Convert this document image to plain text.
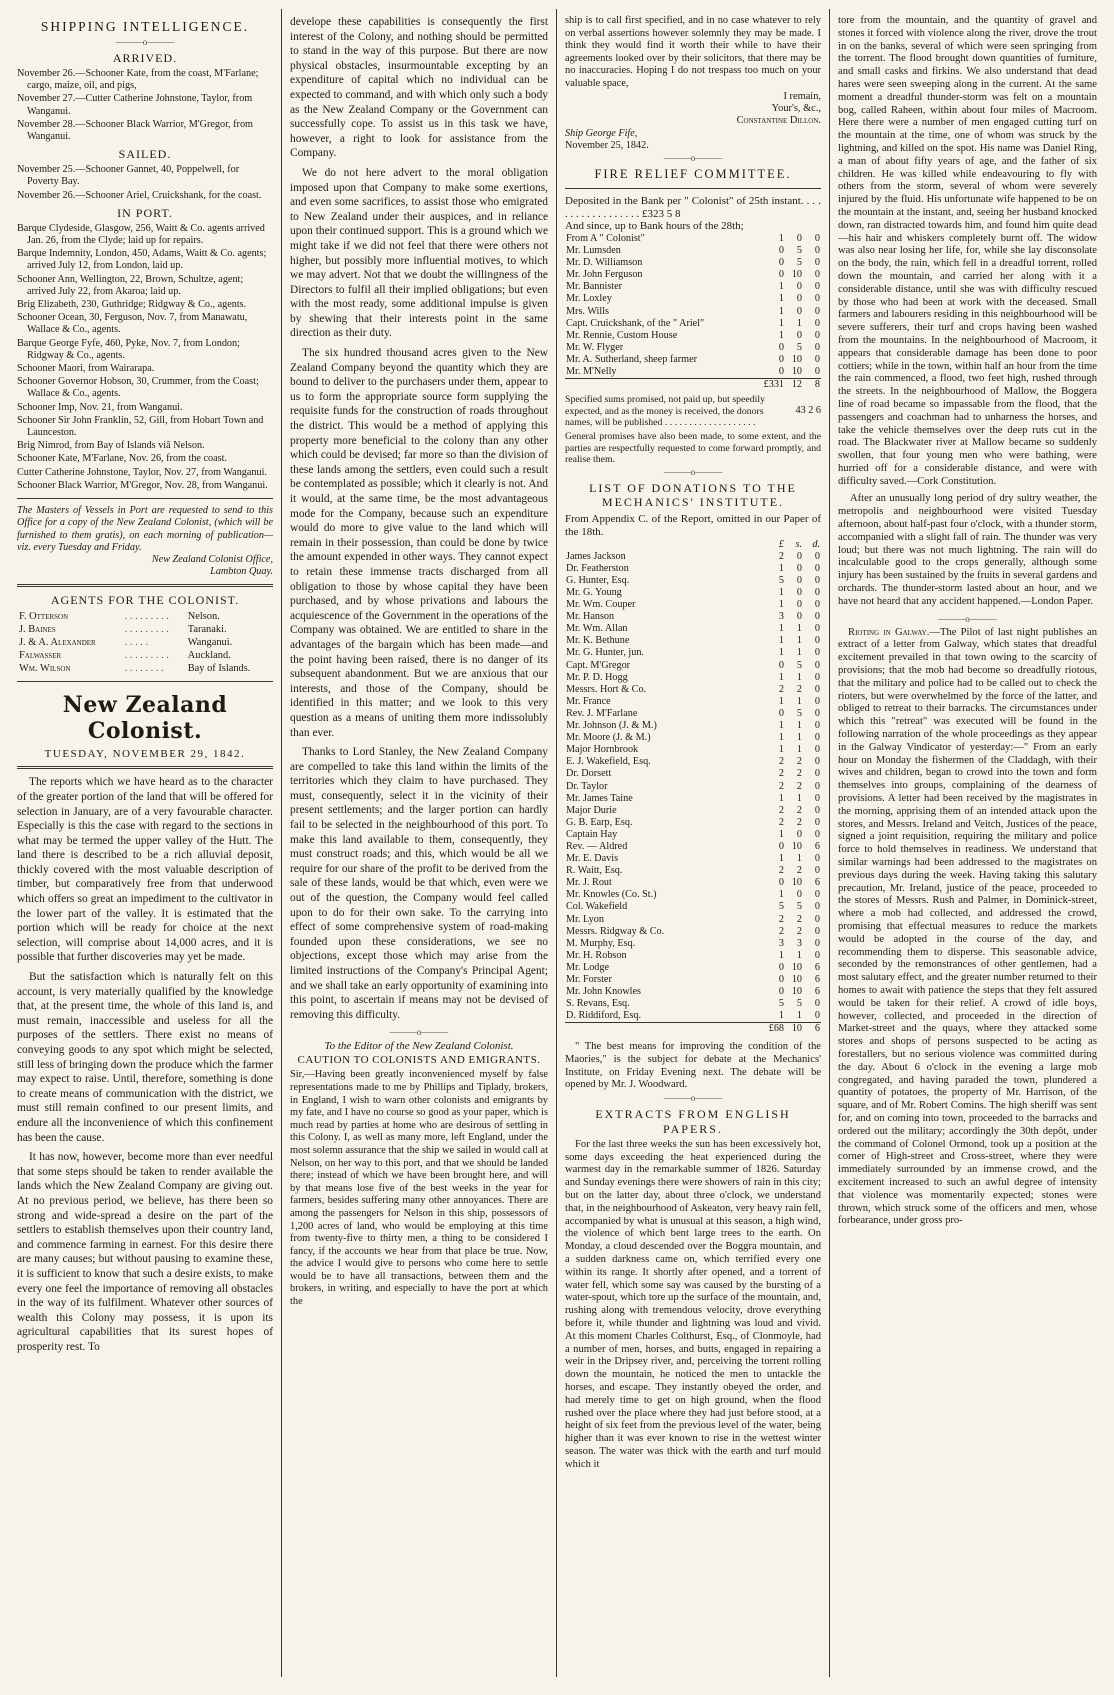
SHIPPING INTELLIGENCE.
———o———
ARRIVED.
November 26.—Schooner Kate, from the coast, M'Farlane; cargo, maize, oil, and pigs,
November 27.—Cutter Catherine Johnstone, Taylor, from Wanganui.
November 28.—Schooner Black Warrior, M'Gregor, from Wanganui.
SAILED.
November 25.—Schooner Gannet, 40, Poppelwell, for Poverty Bay.
November 26.—Schooner Ariel, Cruickshank, for the coast.
IN PORT.
Barque Clydeside, Glasgow, 256, Waitt & Co. agents arrived Jan. 26, from the Clyde; laid up for repairs.
Barque Indemnity, London, 450, Adams, Waitt & Co. agents; arrived July 12, from London, laid up.
Schooner Ann, Wellington, 22, Brown, Schultze, agent; arrived July 22, from Akaroa; laid up.
Brig Elizabeth, 230, Guthridge; Ridgway & Co., agents.
Schooner Ocean, 30, Ferguson, Nov. 7, from Manawatu, Wallace & Co., agents.
Barque George Fyfe, 460, Pyke, Nov. 7, from London; Ridgway & Co., agents.
Schooner Maori, from Wairarapa.
Schooner Governor Hobson, 30, Crummer, from the Coast; Wallace & Co., agents.
Schooner Imp, Nov. 21, from Wanganui.
Schooner Sir John Franklin, 52, Gill, from Hobart Town and Launceston.
Brig Nimrod, from Bay of Islands viâ Nelson.
Schooner Kate, M'Farlane, Nov. 26, from the coast.
Cutter Catherine Johnstone, Taylor, Nov. 27, from Wanganui.
Schooner Black Warrior, M'Gregor, Nov. 28, from Wanganui.
The Masters of Vessels in Port are requested to send to this Office for a copy of the New Zealand Colonist, (which will be furnished to them gratis), on each morning of publication—viz. every Tuesday and Friday.
New Zealand Colonist Office,
Lambton Quay.
AGENTS FOR THE COLONIST.
F. Otterson	. . . . . . . . .	Nelson.
J. Baines	. . . . . . . . .	Taranaki.
J. & A. Alexander	. . . . .	Wanganui.
Falwasser	. . . . . . . . .	Auckland.
Wm. Wilson	. . . . . . . .	Bay of Islands.
New Zealand Colonist.
TUESDAY, NOVEMBER 29, 1842.

The reports which we have heard as to the character of the greater portion of the land that will be offered for selection in January, are of a very favourable character. Especially is this the case with regard to the sections in what may be termed the upper valley of the Hutt. The land there is described to be a rich alluvial deposit, thickly covered with the most valuable description of timber, but comparatively free from that underwood which offers so great an impediment to the cultivator in the lower part of the valley. It is estimated that the portion which will be ready for choice at the next selection, will comprise about 14,000 acres, and it is possible that further discoveries may yet be made.

But the satisfaction which is naturally felt on this account, is very materially qualified by the knowledge that, at the present time, the whole of this land is, and must remain, inaccessible and useless for all the purposes of the settlers. There exist no means of conveying goods to any spot which might be selected, still less of bringing down the produce which the farmer may expect to raise. Until, therefore, something is done to create means of communication with the district, we must still remain confined to our present limits, and endure all the inconvenience of which this confinement has been the cause.

It has now, however, become more than ever needful that some steps should be taken to render available the lands which the New Zealand Company are giving out. At no previous period, we believe, has there been so strong and wide-spread a desire on the part of the settlers to establish themselves upon their country land, and commence farming in earnest. For this desire there are many causes; but without pausing to examine these, it is sufficient to know that such a desire exists, to make every one feel the importance of removing all obstacles in the way of its fulfilment. Whatever other sources of wealth this Colony may possess, it is upon its agricultural capabilities that its surest hopes of prosperity rest. To

develope these capabilities is consequently the first interest of the Colony, and nothing should be permitted to stand in the way of this purpose. But there are now physical obstacles, insurmountable excepting by an expenditure of capital which no individual can be expected to command, and with which only such a body as the New Zealand Company or the Government can successfully cope. To assist us in this task we have, however, a right to look for assistance from the Company.

We do not here advert to the moral obligation imposed upon that Company to make some exertions, and even some sacrifices, to assist those who emigrated to New Zealand under their auspices, and in reliance upon their continued support. This is a ground which we might take if we did not feel that there were others not higher, but possibly more influential motives, to which we may advert. Not that we doubt the willingness of the Directors to fulfil all their implied obligations; but even with the most ready, some additional impulse is given by shewing that their interests point in the same direction as their duty.

The six hundred thousand acres given to the New Zealand Company beyond the quantity which they are bound to deliver to the purchasers under them, appear to us to form the appropriate source form supplying the requisite funds for the construction of roads throughout the district. This would be a method of applying this property more beneficial to the colony than any other which could be devised; far more so than the division of these lands among the settlers, even could such a result be contemplated as possible; which it clearly is not. And it would, at the same time, be the most advantageous mode for the Company, because such an expenditure would do more to give value to the land which will remain in their possession, than could be done by twice the amount expended in other ways. They cannot expect to retain these immense tracts discharged from all obligation to those by whose capital they have been purchased, and by whose privations and labours the acquiescence of the Government in the operations of the Company was obtained. We are entitled to share in the advantages of the bargain which has been made—and the point having been raised, there is no danger of its subsequent abandonment. But we are anxious that our interests, and those of the Company, should be identified in this matter; and we look to this very question as a means of uniting them more indissolubly than ever.

Thanks to Lord Stanley, the New Zealand Company are compelled to take this land within the limits of the territories which they claim to have purchased. They must, consequently, select it in the vicinity of their present settlements; and the larger portion can hardly fail to be selected in the neighbourhood of this port. To make this land available to them, consequently, they must construct roads; and this, which would be all we require for our share of the profit to be derived from the sale of these lands, would be that which, even were we out of the question, the Company would feel called upon to do for their own sake. To the carrying into effect of some comprehensive system of road-making founded upon these considerations, we see no objections, except those which may arise from the limited instructions of the Company's Principal Agent; and we shall take an early opportunity of examining into this point, to ascertain if means may not be devised of removing this difficulty.

———o———
To the Editor of the New Zealand Colonist.
CAUTION TO COLONISTS AND EMIGRANTS.
Sir,—Having been greatly inconvenienced myself by false representations made to me by Phillips and Tiplady, brokers, in England, I wish to warn other colonists and emigrants by my fate, and I have no course so good as your paper, which is much read by parties at home who are desirous of settling in this Colony. I, as well as many more, left England, under the most solemn assurance that the ship we sailed in would call at Nelson, on her way to this port, and that we should be landed there; instead of which we have been brought here, and will by that means lose five of the best weeks in the year for farmers, besides suffering many other annoyances. There are among the passengers for Nelson in this ship, possessors of 1,200 acres of land, who would be employing at this time from twenty-five to thirty men, a thing to be considered I fancy, if the accounts we hear from that place be true. Now, the advice I would give to persons who come here to settle would be to have all transactions, between them and the brokers, in writing, and especially to have the port at which the
ship is to call first specified, and in no case whatever to rely on verbal assertions however solemnly they may be made. I think they would find it worth their while to have their agreements looked over by their solicitors, that there may be no inaccuracies. Hoping I do not trespass too much on your valuable space,
I remain,
Your's, &c.,
Constantine Dillon.
Ship George Fife,
November 25, 1842.
———o———
FIRE RELIEF COMMITTEE.
Deposited in the Bank per " Colonist" of 25th instant. . . . . . . . . . . . . . . . . . £323 5 8
And since, up to Bank hours of the 28th;
From A " Colonist"	1	0	0
Mr. Lumsden	0	5	0
Mr. D. Williamson	0	5	0
Mr. John Ferguson	0	10	0
Mr. Bannister	1	0	0
Mr. Loxley	1	0	0
Mrs. Wills	1	0	0
Capt. Cruickshank, of the " Ariel"	1	1	0
Mr. Rennie, Custom House	1	0	0
Mr. W. Flyger	0	5	0
Mr. A. Sutherland, sheep farmer	0	10	0
Mr. M'Nelly	0	10	0
	£331	12	8
Specified sums promised, not paid up, but speedily expected, and as the money is received, the donors names, will be published . . . . . . . . . . . . . . . . . . .
43 2 6
General promises have also been made, to some extent, and the parties are respectfully requested to come forward promptly, and realise them.
———o———
LIST OF DONATIONS TO THE MECHANICS' INSTITUTE.
From Appendix C. of the Report, omitted in our Paper of the 18th.
	£	s.	d.
James Jackson	2	0	0
Dr. Featherston	1	0	0
G. Hunter, Esq.	5	0	0
Mr. G. Young	1	0	0
Mr. Wm. Couper	1	0	0
Mr. Hanson	3	0	0
Mr. Wm. Allan	1	1	0
Mr. K. Bethune	1	1	0
Mr. G. Hunter, jun.	1	1	0
Capt. M'Gregor	0	5	0
Mr. P. D. Hogg	1	1	0
Messrs. Hort & Co.	2	2	0
Mr. France	1	1	0
Rev. J. M'Farlane	0	5	0
Mr. Johnson (J. & M.)	1	1	0
Mr. Moore (J. & M.)	1	1	0
Major Hornbrook	1	1	0
E. J. Wakefield, Esq.	2	2	0
Dr. Dorsett	2	2	0
Dr. Taylor	2	2	0
Mr. James Taine	1	1	0
Major Durie	2	2	0
G. B. Earp, Esq.	2	2	0
Captain Hay	1	0	0
Rev. — Aldred	0	10	6
Mr. E. Davis	1	1	0
R. Waitt, Esq.	2	2	0
Mr. J. Rout	0	10	6
Mr. Knowles (Co. St.)	1	0	0
Col. Wakefield	5	5	0
Mr. Lyon	2	2	0
Messrs. Ridgway & Co.	2	2	0
M. Murphy, Esq.	3	3	0
Mr. H. Robson	1	1	0
Mr. Lodge	0	10	6
Mr. Forster	0	10	6
Mr. John Knowles	0	10	6
S. Revans, Esq.	5	5	0
D. Riddiford, Esq.	1	1	0
	£68	10	6
" The best means for improving the condition of the Maories," is the subject for debate at the Mechanics' Institute, on Friday Evening next. The debate will be opened by Mr. J. Woodward.
———o———
EXTRACTS FROM ENGLISH PAPERS.
For the last three weeks the sun has been excessively hot, some days exceeding the heat experienced during the warmest day in the remarkable summer of 1826. Saturday and Sunday evenings there were showers of rain in this city; but on the latter day, about three o'clock, we understand that, in the neighbourhood of Askeaton, very heavy rain fell, accompanied by what is unusual at this season, a high wind, the violence of which bent large trees to the earth. On Monday, a cloud descended over the Boggra mountain, and a sudden darkness came on, which terrified every one within its range. It shortly after opened, and a torrent of water fell, which some say was caused by the bursting of a water-spout, which tore up the surface of the mountain, and, rushing along with tremendous velocity, drove everything before it, while thunder and lightning was loud and vivid. At this moment Charles Colthurst, Esq., of Clonmoyle, had a number of men, horses, and butts, engaged in repairing a weir in the Dripsey river, and, perceiving the torrent rolling down the mountain, he noticed the men to untackle the horses, and escape. They instantly obeyed the order, and had merely time to get on high ground, when the flood rushed over the place where they had just before stood, at a height of six feet from the previous level of the water, being higher than it was ever known to rise in the wettest winter season. The water was thick with the earth and turf mould which it

tore from the mountain, and the quantity of gravel and stones it forced with violence along the river, drove the trout in on the banks, several of which were seen springing from the torrent. The flood brought down quantities of furniture, and small casks and firkins. We also understand that dead hares were seen sweeping along in the current. At the same moment a dreadful thunder-storm was felt on a mountain bog, called Raheen, within about four miles of Macroom. Here there were a number of men engaged cutting turf on the mountain at the time, one of whom was struck by the lightning, and killed on the spot. His name was Daniel Ring, a man of about fifty years of age, and the father of six children. He was killed while endeavouring to fly with others from the storm, several of whom were severely injured by the fluid. His unfortunate wife happened to be on the mountain at the instant, and, seeing her husband knocked down, ran distracted towards him, and found him quite dead—his hair and whiskers completely burnt off. The widow was also near losing her life, for, while she lay disconsolate on the body, the rain, which fell in a dreadful torrent, rolled down the mountain, and carried her along with it a considerable distance, until she was with difficulty rescued by those who had been at work with the deceased. Small farmers and labourers residing in this neighbourhood will be severe sufferers, their turf and crops having been washed from the mountains. In the neighbourhood of Macroom, it appears that considerable damage has been done to poor cottiers; while in the town, within half an hour from the time the rain commenced, a flood, two feet high, rushed through the streets. In the neighbourhood of Mallow, the Boggera line of road became so impassable from the flood, that the passengers and coachman had to unharness the horses, and take the vehicle themselves over the deep ruts cut in the road. The Blackwater river at Mallow became so suddenly swollen, that four young men who were bathing, were hurried off for a considerable distance, and were with difficulty saved.—Cork Constitution.

After an unusually long period of dry sultry weather, the metropolis and neighbourhood were visited Tuesday afternoon, about half-past four o'clock, with a thunder storm, accompanied with a slight fall of rain. The thunder was very loud; but there was not much lightning. The rain will do incalculable good to the crops generally, although some injury has been sustained by the fruits in several gardens and orchards. The thunder-storm lasted about an hour, and we have not heard that any accident happened.—London Paper.

———o———
Rioting in Galway.—The Pilot of last night publishes an extract of a letter from Galway, which states that dreadful excitement prevailed in that town owing to the scarcity of provisions; that the mob had become so dreadfully riotous, that the military and police had to be called out to check the rioters, but were overwhelmed by the force of the latter, and obliged to retreat to their barracks. The circumstances under which this "retreat" was executed will be found in the following narration of the whole proceedings as they appear in the Galway Vindicator of yesterday:—" From an early hour on Monday the fishermen of the Claddagh, with their wives and children, began to crowd into the town and form themselves into groups, complaining of the dearness of provisions. A letter had been received by the magistrates in the morning, apprising them of an intended attack upon the stores, and Messrs. Ireland and Veitch, Justices of the peace, signed a joint requisition, requiring the military and police force to hold themselves in readiness. We understand that similar warnings had been addressed to the magistrates on previous days during the week. Having taking this salutary precaution, Mr. Ireland, justice of the peace, proceeded to the stores of Messrs. Rush and Palmer, in Dominick-street, where a mob had collected, and addressed the crowd, promising that effectual measures to reduce the markets would be adopted in the course of the day, and recommending them to disperse. This seasonable advice, seconded by the remonstrances of other gentlemen, had a most salutary effect, and the greater number returned to their homes to await with patience the steps that they felt assured would be taken for their relief. A crowd of idle boys, however, collected, and proceeded in the direction of Market-street and the quays, where they attacked some stores and shops of persons suspected to be acting as forestallers, but no serious violence was committed during the day. About 6 o'clock in the evening a large mob congregated, and having paraded the town, plundered a quantity of potatoes, the property of Mr. Harrison, of the square, and of Mr. Robert Comins. The high sheriff was sent for, and on coming into town, proceeded to the barracks and ordered out the military; accordingly the 30th depôt, under the command of Colonel Ormond, took up a position at the corner of High-street and Cross-street, where they were immediately surrounded by an immense crowd, and the excitement increased to such an awful degree of intensity that violence was momentarily expected; stones were thrown, which struck some of the officers and men, whose forbearance, under gross pro-
